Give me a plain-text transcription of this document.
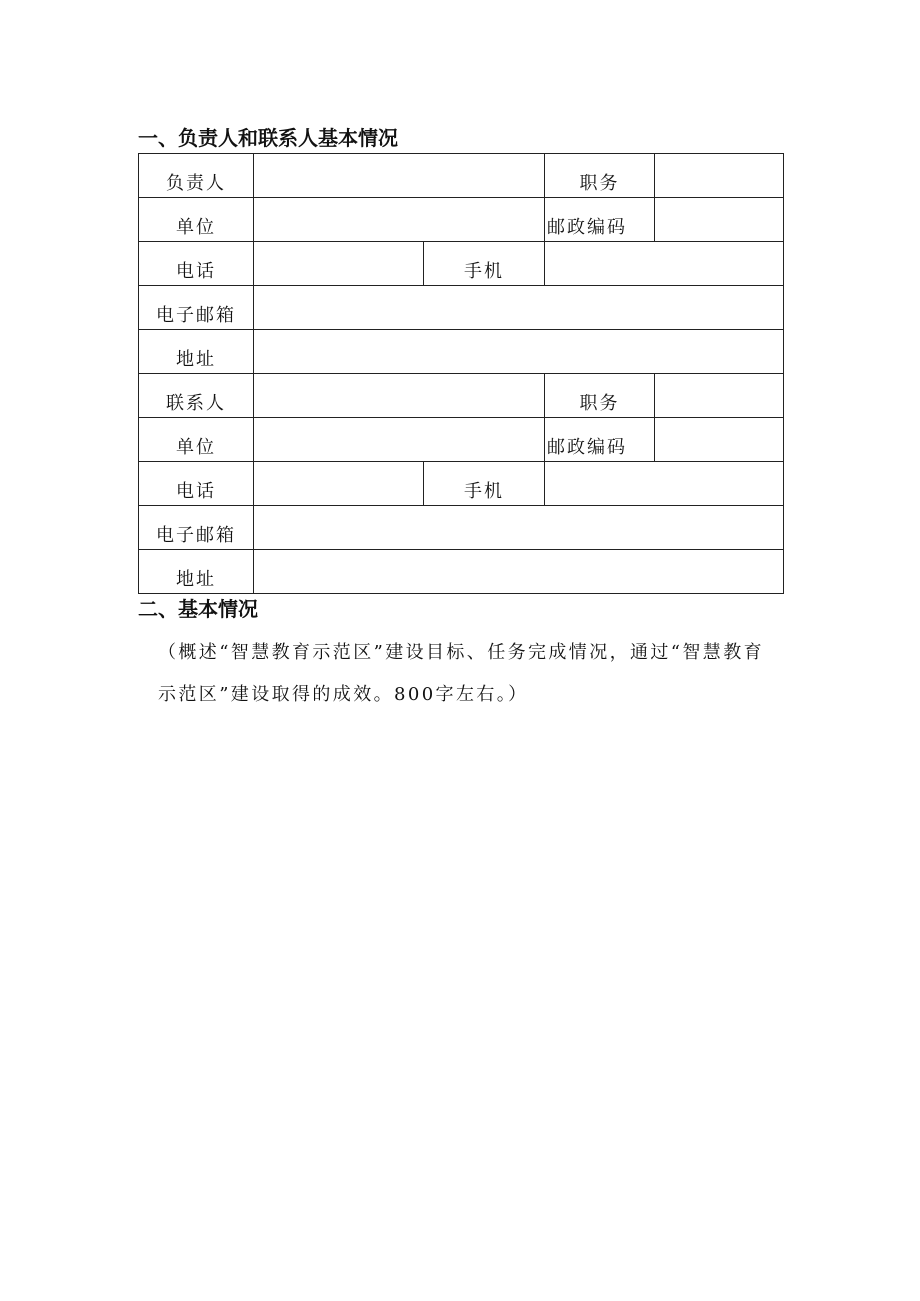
一、负责人和联系人基本情况
负责人			职务	
单位			邮政编码	
电话		手机		
电子邮箱				
地址				
联系人			职务	
单位			邮政编码	
电话		手机		
电子邮箱				
地址				
二、基本情况

（概述“智慧教育示范区”建设目标、任务完成情况，通过“智慧教育示范区”建设取得的成效。800字左右。）
